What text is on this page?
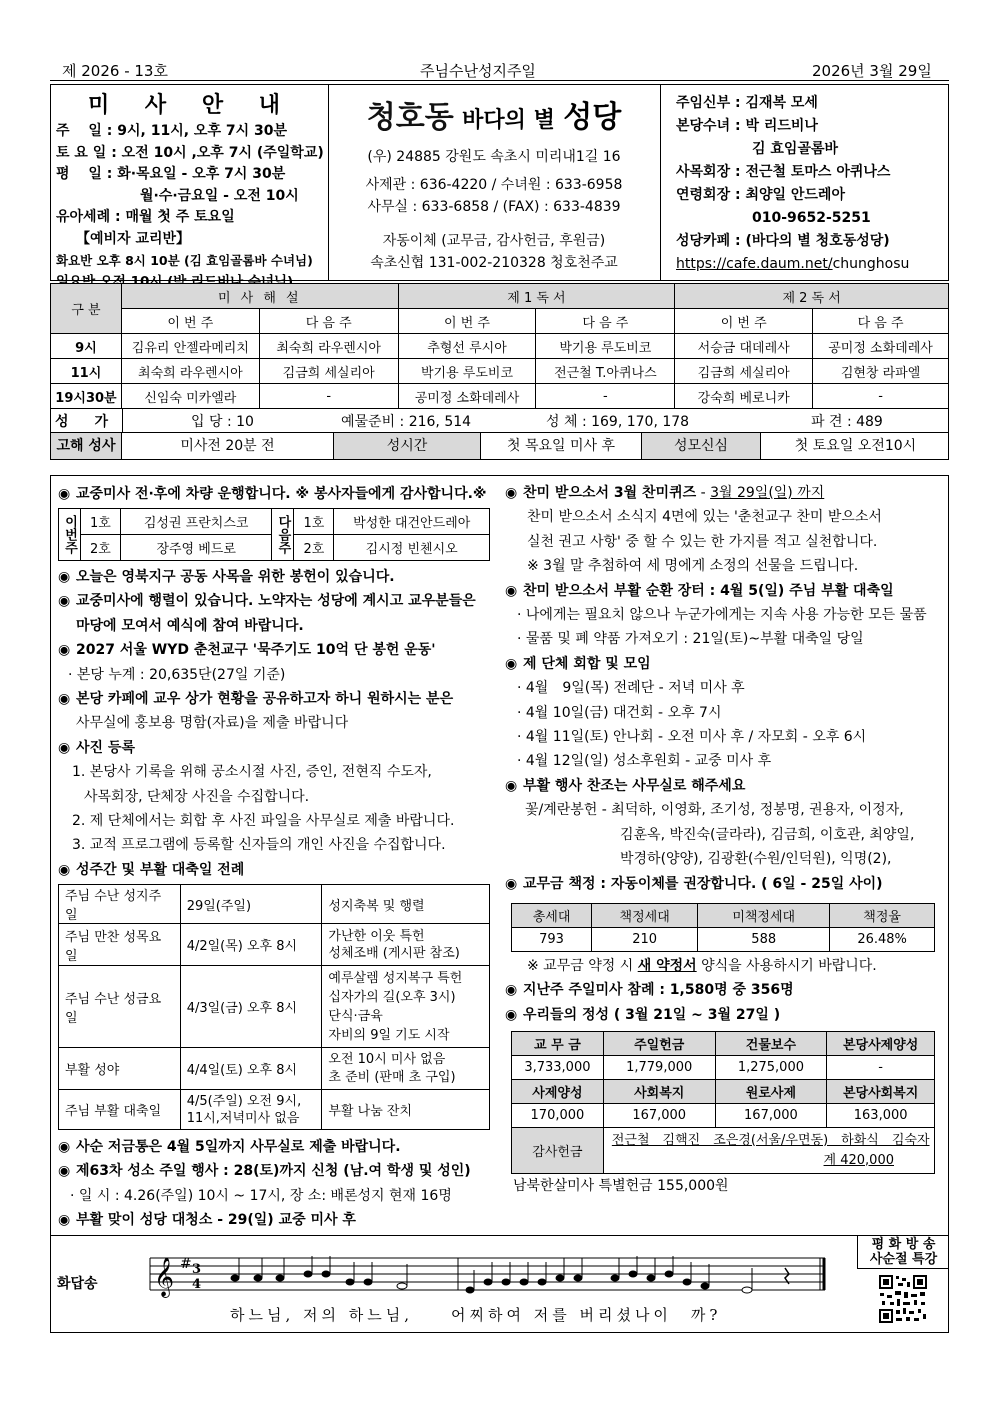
제 2026 - 13호	주님수난성지주일	2026년 3월 29일
미 사 안 내
주　 일 : 9시, 11시, 오후 7시 30분
토 요 일 : 오전 10시 ,오후 7시 (주일학교)
평　 일 : 화·목요일 - 오후 7시 30분
월·수·금요일 - 오전 10시
유아세례 : 매월 첫 주 토요일
【예비자 교리반】
화요반 오후 8시 10분 (김 효임골롬바 수녀님)
일요반 오전 10시 (박 리드비나 수녀님)
청호동 바다의 별 성당
(우) 24885 강원도 속초시 미리내1길 16
사제관 : 636-4220 / 수녀원 : 633-6958
사무실 : 633-6858 / (FAX) : 633-4839
자동이체 (교무금, 감사헌금, 후원금)
속초신협 131-002-210328 청호천주교
주임신부 : 김재복 모세
본당수녀 : 박 리드비나
김 효임골롬바
사목회장 : 전근철 토마스 아퀴나스
연령회장 : 최양일 안드레아
010-9652-5251
성당카페 : (바다의 별 청호동성당)
https://cafe.daum.net/chunghosu
구 분	미 사 해 설		제 1 독 서		제 2 독 서	
	이 번 주	다 음 주	이 번 주	다 음 주	이 번 주	다 음 주
9시	김유리 안젤라메리치	최숙희 라우렌시아	추형선 루시아	박기용 루도비코	서승금 대데레사	공미정 소화데레사
11시	최숙희 라우렌시아	김금희 세실리아	박기용 루도비코	전근철 T.아퀴나스	김금희 세실리아	김현창 라파엘
19시30분	신임숙 미카엘라	-	공미정 소화데레사	-	강숙희 베로니카	-
성　가	입 당 : 10	예물준비 : 216, 514	성 체 : 169, 170, 178	파 견 : 489
고해 성사	미사전 20분 전	성시간	첫 목요일 미사 후	성모신심	첫 토요일 오전10시
◉ 교중미사 전·후에 차량 운행합니다. ※ 봉사자들에게 감사합니다.※
이번주	1호	김성권 프란치스코	다음주	1호	박성한 대건안드레아
	2호	장주영 베드로		2호	김시정 빈첸시오
◉ 오늘은 영북지구 공동 사목을 위한 봉헌이 있습니다.
◉ 교중미사에 행렬이 있습니다. 노약자는 성당에 계시고 교우분들은
마당에 모여서 예식에 참여 바랍니다.
◉ 2027 서울 WYD 춘천교구 '묵주기도 10억 단 봉헌 운동'
· 본당 누계 : 20,635단(27일 기준)
◉ 본당 카페에 교우 상가 현황을 공유하고자 하니 원하시는 분은
사무실에 홍보용 명함(자료)을 제출 바랍니다
◉ 사진 등록
1. 본당사 기록을 위해 공소시절 사진, 증인, 전현직 수도자,
사목회장, 단체장 사진을 수집합니다.
2. 제 단체에서는 회합 후 사진 파일을 사무실로 제출 바랍니다.
3. 교적 프로그램에 등록할 신자들의 개인 사진을 수집합니다.
◉ 성주간 및 부활 대축일 전례
주님 수난 성지주일	29일(주일)	성지축복 및 행렬
주님 만찬 성목요일	4/2일(목) 오후 8시	가난한 이웃 특헌
성체조배 (게시판 참조)
주님 수난 성금요일	4/3일(금) 오후 8시	예루살렘 성지복구 특헌
십자가의 길(오후 3시)
단식·금육
자비의 9일 기도 시작
부활 성야	4/4일(토) 오후 8시	오전 10시 미사 없음
초 준비 (판매 초 구입)
주님 부활 대축일	4/5(주일) 오전 9시,
11시,저녁미사 없음	부활 나눔 잔치
◉ 사순 저금통은 4월 5일까지 사무실로 제출 바랍니다.
◉ 제63차 성소 주일 행사 : 28(토)까지 신청 (남.여 학생 및 성인)
· 일 시 : 4.26(주일) 10시 ~ 17시, 장 소: 배론성지 현재 16명
◉ 부활 맞이 성당 대청소 - 29(일) 교중 미사 후
◉ 찬미 받으소서 3월 찬미퀴즈 - 3월 29일(일) 까지
찬미 받으소서 소식지 4면에 있는 '춘천교구 찬미 받으소서
실천 권고 사항' 중 할 수 있는 한 가지를 적고 실천합니다.
※ 3월 말 추첨하여 세 명에게 소정의 선물을 드립니다.
◉ 찬미 받으소서 부활 순환 장터 : 4월 5(일) 주님 부활 대축일
· 나에게는 필요치 않으나 누군가에게는 지속 사용 가능한 모든 물품
· 물품 및 폐 약품 가져오기 : 21일(토)~부활 대축일 당일
◉ 제 단체 회합 및 모임
· 4월　9일(목) 전례단 - 저녁 미사 후
· 4월 10일(금) 대건회 - 오후 7시
· 4월 11일(토) 안나회 - 오전 미사 후 / 자모회 - 오후 6시
· 4월 12일(일) 성소후원회 - 교중 미사 후
◉ 부활 행사 찬조는 사무실로 해주세요
꽃/계란봉헌 - 최덕하, 이영화, 조기성, 정봉명, 권용자, 이정자,
김훈옥, 박진숙(글라라), 김금희, 이호관, 최양일,
박경하(양양), 김광환(수원/인덕원), 익명(2),
◉ 교무금 책정 : 자동이체를 권장합니다. ( 6일 - 25일 사이)
총세대	책정세대	미책정세대	책정율
793	210	588	26.48%
※ 교무금 약정 시 새 약정서 양식을 사용하시기 바랍니다.
◉ 지난주 주일미사 참례 : 1,580명 중 356명
◉ 우리들의 정성 ( 3월 21일 ~ 3월 27일 )
교 무 금	주일헌금	건물보수	본당사제양성
3,733,000	1,779,000	1,275,000	-
사제양성	사회복지	원로사제	본당사회복지
170,000	167,000	167,000	163,000
감사헌금	전근철　김핵진　조은경(서울/우면동)　하화식　김숙자
계 420,000		
남북한살미사 특별헌금 155,000원
화답송 𝄞 # 3
4
하느님, 저의 하느님,　　어찌하여 저를 버리셨나이　까?
평 화 방 송
사순절 특강
